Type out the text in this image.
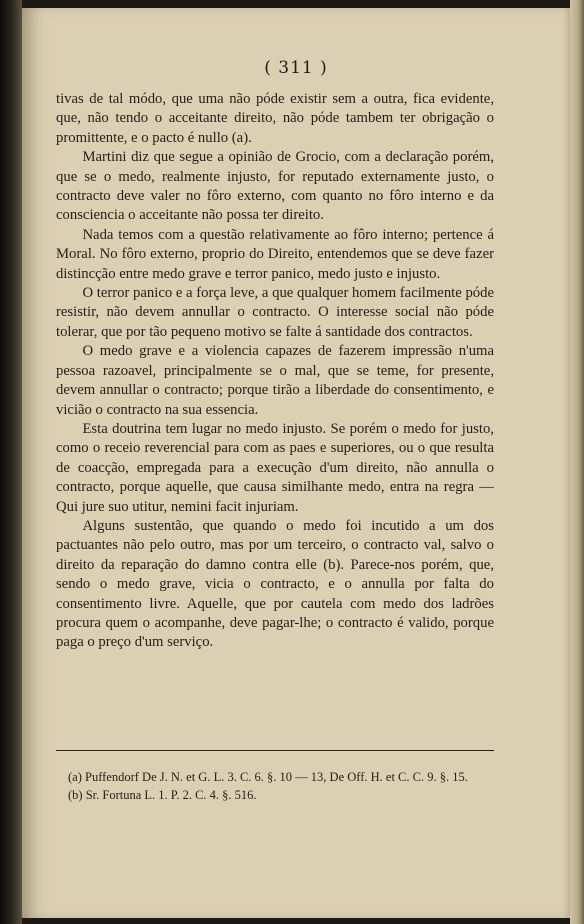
( 311 )

tivas de tal módo, que uma não póde existir sem a outra, fica evidente, que, não tendo o acceitante direito, não póde tambem ter obrigação o promittente, e o pacto é nullo (a).

Martini diz que segue a opinião de Grocio, com a declaração porém, que se o medo, realmente injusto, for reputado externamente justo, o contracto deve valer no fôro externo, com quanto no fôro interno e da consciencia o acceitante não possa ter direito.

Nada temos com a questão relativamente ao fôro interno; pertence á Moral. No fôro externo, proprio do Direito, entendemos que se deve fazer distincção entre medo grave e terror panico, medo justo e injusto.

O terror panico e a força leve, a que qualquer homem facilmente póde resistir, não devem annullar o contracto. O interesse social não póde tolerar, que por tão pequeno motivo se falte á santidade dos contractos.

O medo grave e a violencia capazes de fazerem impressão n'uma pessoa razoavel, principalmente se o mal, que se teme, for presente, devem annullar o contracto; porque tirão a liberdade do consentimento, e vicião o contracto na sua essencia.

Esta doutrina tem lugar no medo injusto. Se porém o medo for justo, como o receio reverencial para com as paes e superiores, ou o que resulta de coacção, empregada para a execução d'um direito, não annulla o contracto, porque aquelle, que causa similhante medo, entra na regra — Qui jure suo utitur, nemini facit injuriam.

Alguns sustentão, que quando o medo foi incutido a um dos pactuantes não pelo outro, mas por um terceiro, o contracto val, salvo o direito da reparação do damno contra elle (b). Parece-nos porém, que, sendo o medo grave, vicia o contracto, e o annulla por falta do consentimento livre. Aquelle, que por cautela com medo dos ladrões procura quem o acompanhe, deve pagar-lhe; o contracto é valido, porque paga o preço d'um serviço.

(a) Puffendorf De J. N. et G. L. 3. C. 6. §. 10 — 13, De Off. H. et C. C. 9. §. 15.

(b) Sr. Fortuna L. 1. P. 2. C. 4. §. 516.
